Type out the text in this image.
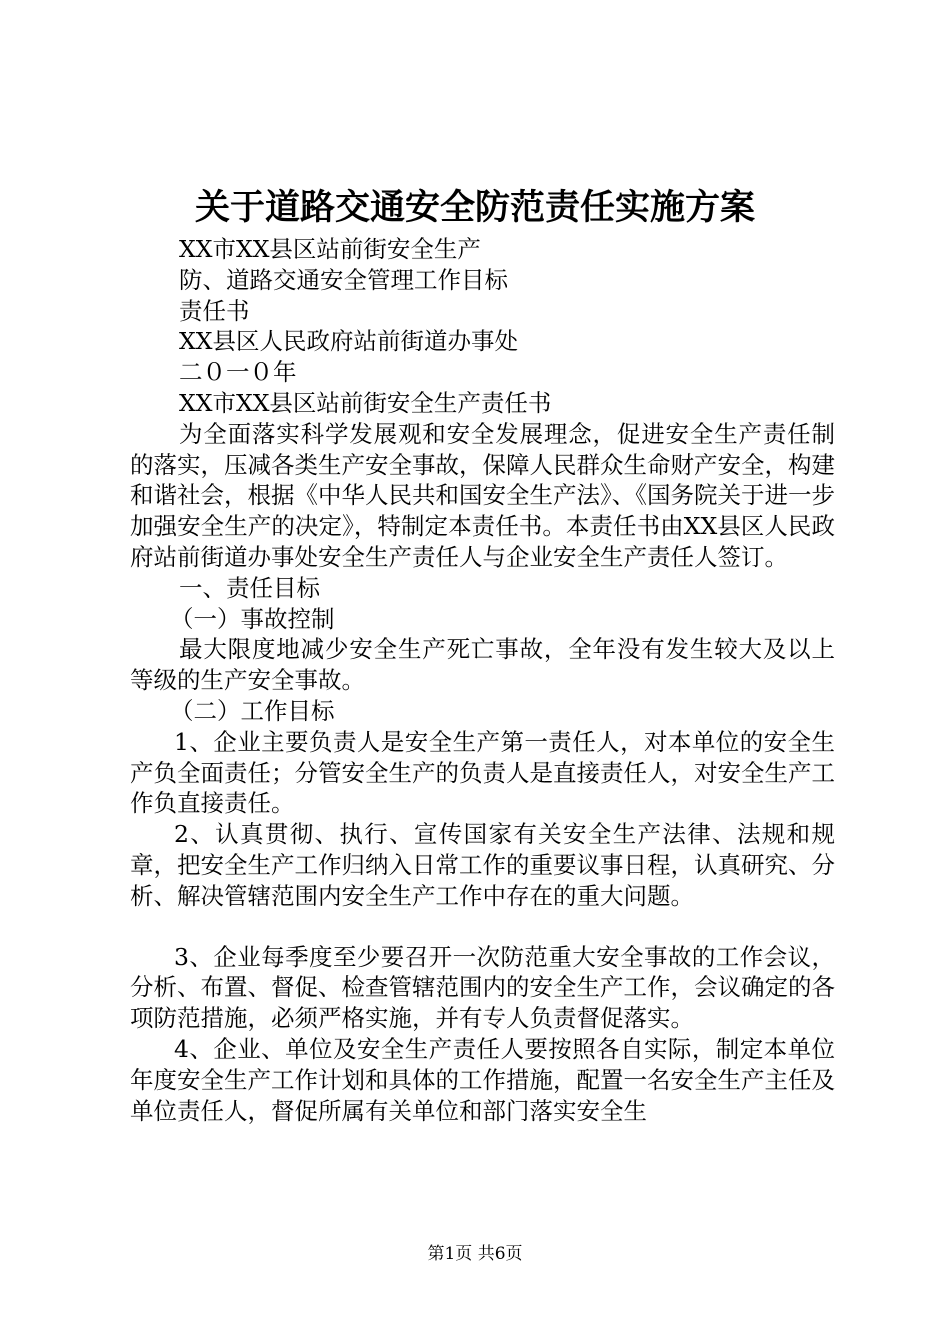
关于道路交通安全防范责任实施方案
XX市XX县区站前街安全生产
防、道路交通安全管理工作目标
责任书
XX县区人民政府站前街道办事处
二０一０年
XX市XX县区站前街安全生产责任书

为全面落实科学发展观和安全发展理念，促进安全生产责任制的落实，压减各类生产安全事故，保障人民群众生命财产安全，构建和谐社会，根据《中华人民共和国安全生产法》、《国务院关于进一步加强安全生产的决定》，特制定本责任书。本责任书由XX县区人民政府站前街道办事处安全生产责任人与企业安全生产责任人签订。

一、责任目标
（一）事故控制

最大限度地减少安全生产死亡事故，全年没有发生较大及以上等级的生产安全事故。

（二）工作目标

1、企业主要负责人是安全生产第一责任人，对本单位的安全生产负全面责任；分管安全生产的负责人是直接责任人，对安全生产工作负直接责任。

2、认真贯彻、执行、宣传国家有关安全生产法律、法规和规章，把安全生产工作归纳入日常工作的重要议事日程，认真研究、分析、解决管辖范围内安全生产工作中存在的重大问题。

3、企业每季度至少要召开一次防范重大安全事故的工作会议，分析、布置、督促、检查管辖范围内的安全生产工作，会议确定的各项防范措施，必须严格实施，并有专人负责督促落实。

4、企业、单位及安全生产责任人要按照各自实际，制定本单位年度安全生产工作计划和具体的工作措施，配置一名安全生产主任及单位责任人，督促所属有关单位和部门落实安全生

第1页 共6页
